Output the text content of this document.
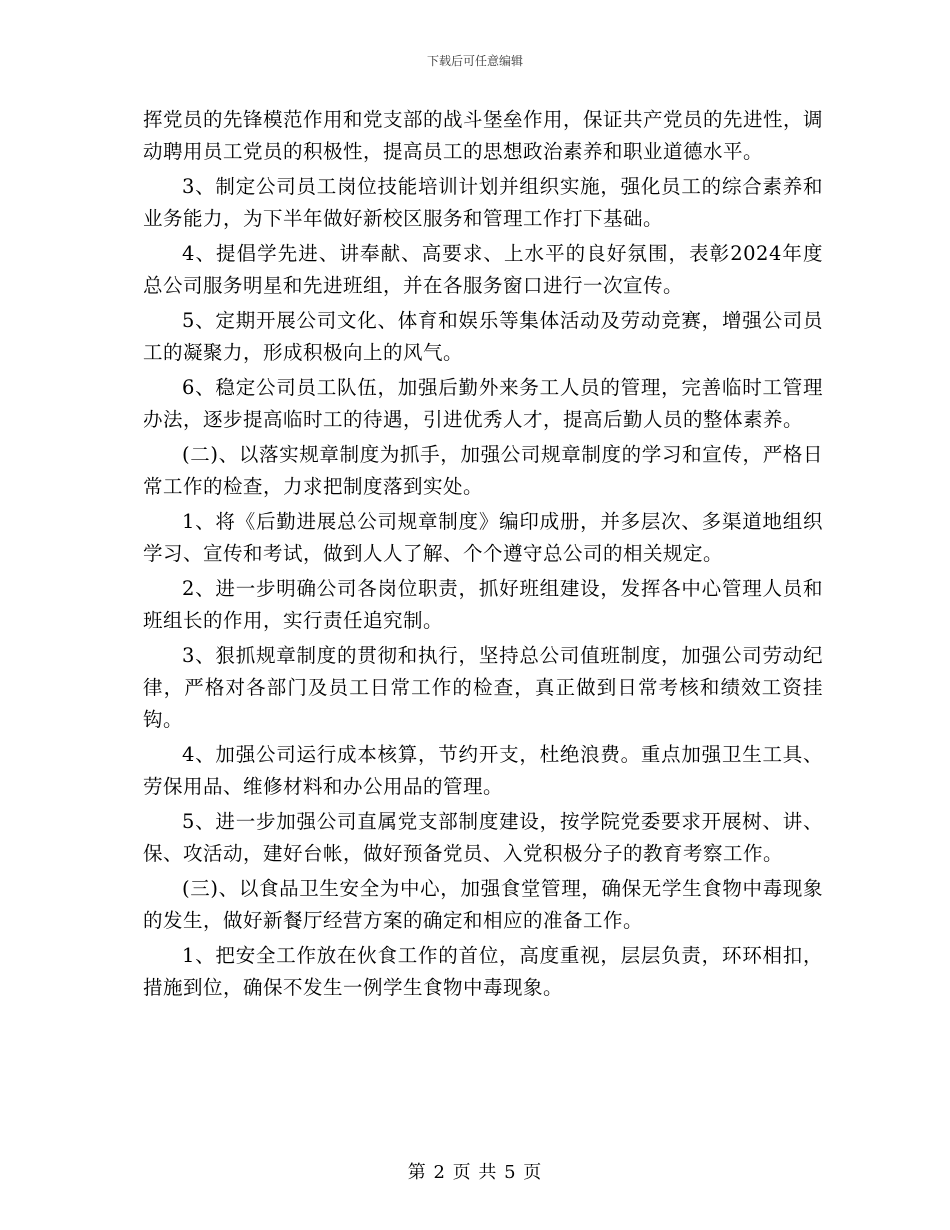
下载后可任意编辑

挥党员的先锋模范作用和党支部的战斗堡垒作用，保证共产党员的先进性，调动聘用员工党员的积极性，提高员工的思想政治素养和职业道德水平。

3、制定公司员工岗位技能培训计划并组织实施，强化员工的综合素养和业务能力，为下半年做好新校区服务和管理工作打下基础。

4、提倡学先进、讲奉献、高要求、上水平的良好氛围，表彰2024年度总公司服务明星和先进班组，并在各服务窗口进行一次宣传。

5、定期开展公司文化、体育和娱乐等集体活动及劳动竞赛，增强公司员工的凝聚力，形成积极向上的风气。

6、稳定公司员工队伍，加强后勤外来务工人员的管理，完善临时工管理办法，逐步提高临时工的待遇，引进优秀人才，提高后勤人员的整体素养。

(二)、以落实规章制度为抓手，加强公司规章制度的学习和宣传，严格日常工作的检查，力求把制度落到实处。

1、将《后勤进展总公司规章制度》编印成册，并多层次、多渠道地组织学习、宣传和考试，做到人人了解、个个遵守总公司的相关规定。

2、进一步明确公司各岗位职责，抓好班组建设，发挥各中心管理人员和班组长的作用，实行责任追究制。

3、狠抓规章制度的贯彻和执行，坚持总公司值班制度，加强公司劳动纪律，严格对各部门及员工日常工作的检查，真正做到日常考核和绩效工资挂钩。

4、加强公司运行成本核算，节约开支，杜绝浪费。重点加强卫生工具、劳保用品、维修材料和办公用品的管理。

5、进一步加强公司直属党支部制度建设，按学院党委要求开展树、讲、保、攻活动，建好台帐，做好预备党员、入党积极分子的教育考察工作。

(三)、以食品卫生安全为中心，加强食堂管理，确保无学生食物中毒现象的发生，做好新餐厅经营方案的确定和相应的准备工作。

1、把安全工作放在伙食工作的首位，高度重视，层层负责，环环相扣，措施到位，确保不发生一例学生食物中毒现象。

第 2 页 共 5 页
